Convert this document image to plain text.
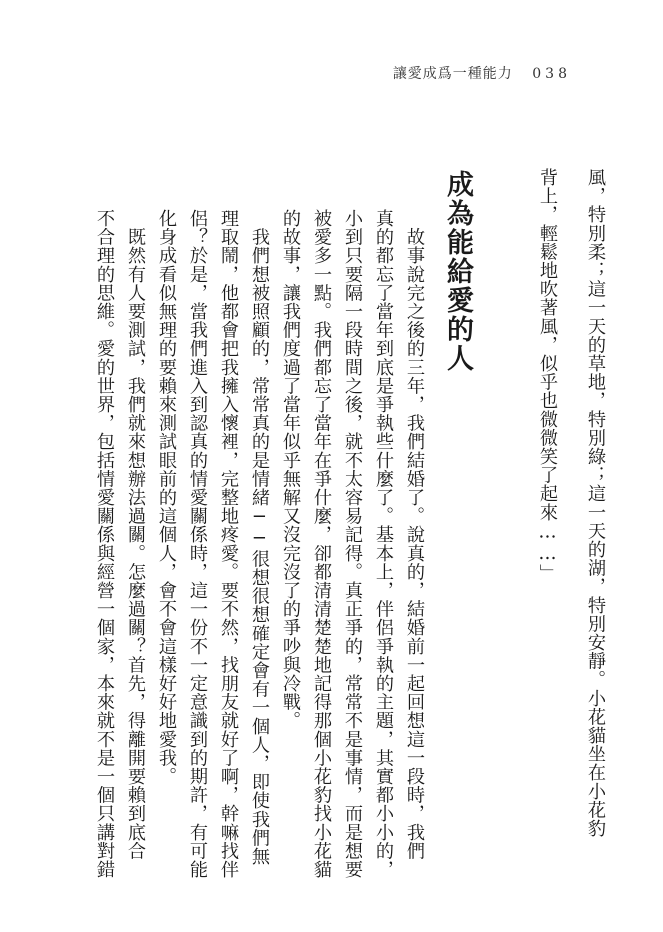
讓愛成爲一種能力 038
風，特別柔；這一天的草地，特別綠；這一天的湖，特別安靜。小花貓坐在小花豹
背上，輕鬆地吹著風，似乎也微微笑了起來……」
成為能給愛的人
　故事說完之後的三年，我們結婚了。說真的，結婚前一起回想這一段時，我們
真的都忘了當年到底是爭執些什麼了。基本上，伴侶爭執的主題，其實都小小的，
小到只要隔一段時間之後，就不太容易記得。真正爭的，常常不是事情，而是想要
被愛多一點。我們都忘了當年在爭什麼，卻都清清楚楚地記得那個小花豹找小花貓
的故事，讓我們度過了當年似乎無解又沒完沒了的爭吵與冷戰。
　我們想被照顧的，常常真的是情緒──很想很想確定會有一個人，即使我們無
理取鬧，他都會把我擁入懷裡，完整地疼愛。要不然，找朋友就好了啊，幹嘛找伴
侶？於是，當我們進入到認真的情愛關係時，這一份不一定意識到的期許，有可能
化身成看似無理的要賴來測試眼前的這個人，會不會這樣好好地愛我。
　既然有人要測試，我們就來想辦法過關。怎麼過關？首先，得離開要賴到底合
不合理的思維。愛的世界，包括情愛關係與經營一個家，本來就不是一個只講對錯
